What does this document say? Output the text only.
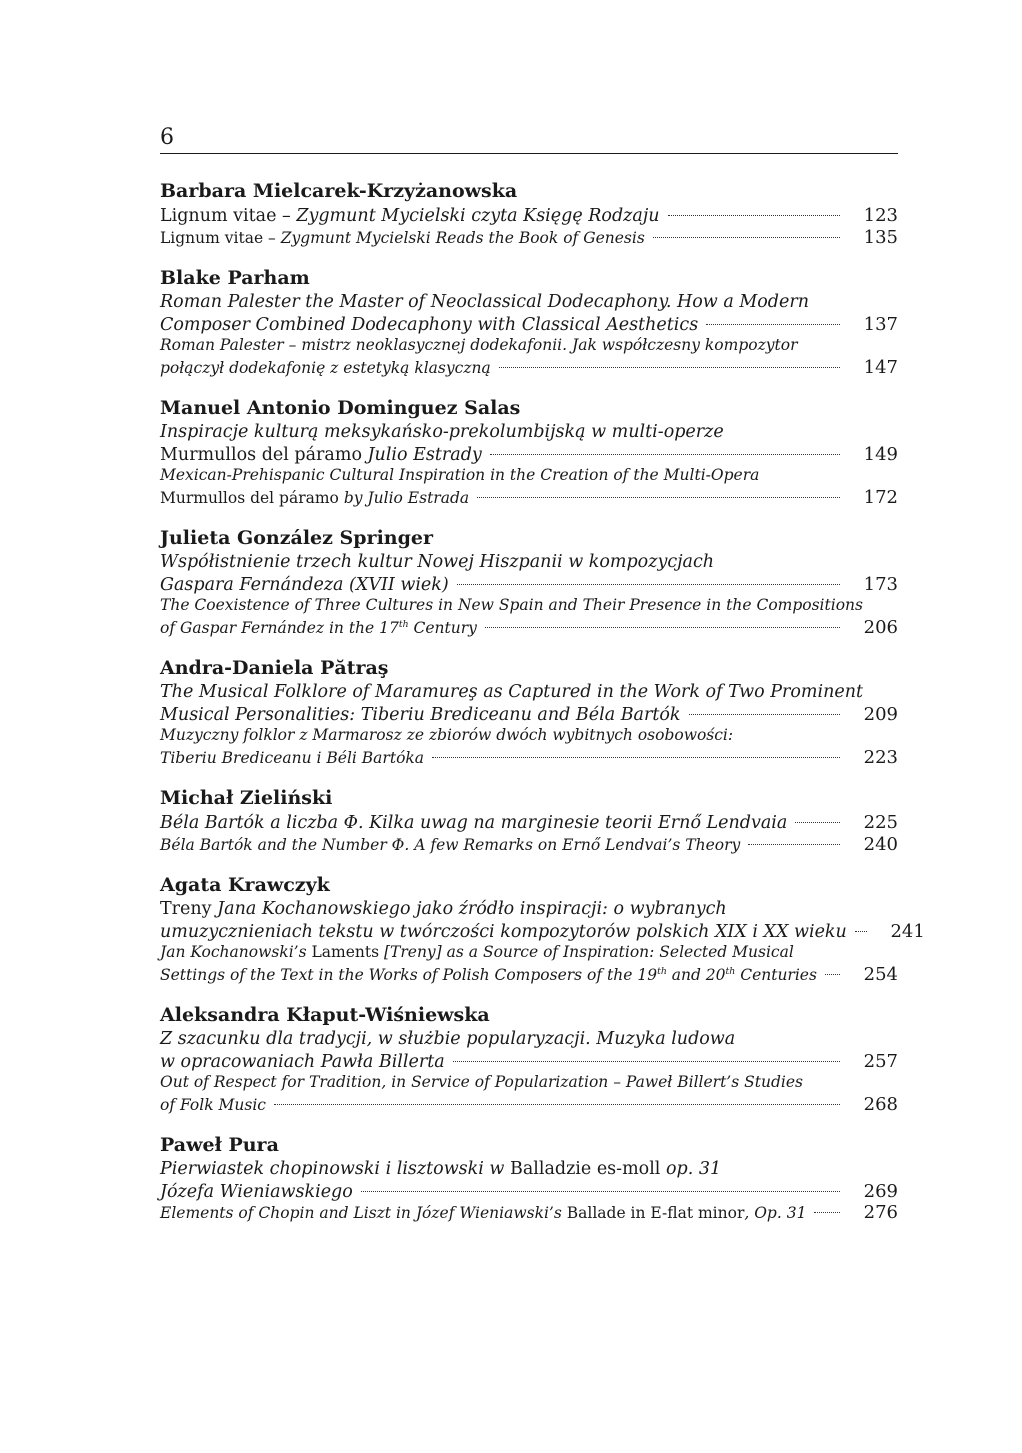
6
Barbara Mielcarek-Krzyżanowska
Lignum vitae – Zygmunt Mycielski czyta Księgę Rodzaju	123
Lignum vitae – Zygmunt Mycielski Reads the Book of Genesis	135
Blake Parham
Roman Palester the Master of Neoclassical Dodecaphony. How a Modern
Composer Combined Dodecaphony with Classical Aesthetics	137
Roman Palester – mistrz neoklasycznej dodekafonii. Jak współczesny kompozytor
połączył dodekafonię z estetyką klasyczną	147
Manuel Antonio Dominguez Salas
Inspiracje kulturą meksykańsko-prekolumbijską w multi-operze
Murmullos del páramo Julio Estrady	149
Mexican-Prehispanic Cultural Inspiration in the Creation of the Multi-Opera
Murmullos del páramo by Julio Estrada	172
Julieta González Springer
Współistnienie trzech kultur Nowej Hiszpanii w kompozycjach
Gaspara Fernándeza (XVII wiek)	173
The Coexistence of Three Cultures in New Spain and Their Presence in the Compositions
of Gaspar Fernández in the 17th Century	206
Andra-Daniela Pătraş
The Musical Folklore of Maramureş as Captured in the Work of Two Prominent
Musical Personalities: Tiberiu Brediceanu and Béla Bartók	209
Muzyczny folklor z Marmarosz ze zbiorów dwóch wybitnych osobowości:
Tiberiu Brediceanu i Béli Bartóka	223
Michał Zieliński
Béla Bartók a liczba Φ. Kilka uwag na marginesie teorii Ernő Lendvaia	225
Béla Bartók and the Number Φ. A few Remarks on Ernő Lendvai’s Theory	240
Agata Krawczyk
Treny Jana Kochanowskiego jako źródło inspiracji: o wybranych
umuzycznieniach tekstu w twórczości kompozytorów polskich XIX i XX wieku	241
Jan Kochanowski’s Laments [Treny] as a Source of Inspiration: Selected Musical
Settings of the Text in the Works of Polish Composers of the 19th and 20th Centuries	254
Aleksandra Kłaput-Wiśniewska
Z szacunku dla tradycji, w służbie popularyzacji. Muzyka ludowa
w opracowaniach Pawła Billerta	257
Out of Respect for Tradition, in Service of Popularization – Paweł Billert’s Studies
of Folk Music	268
Paweł Pura
Pierwiastek chopinowski i lisztowski w Balladzie es-moll op. 31
Józefa Wieniawskiego	269
Elements of Chopin and Liszt in Józef Wieniawski’s Ballade in E-flat minor, Op. 31	276
